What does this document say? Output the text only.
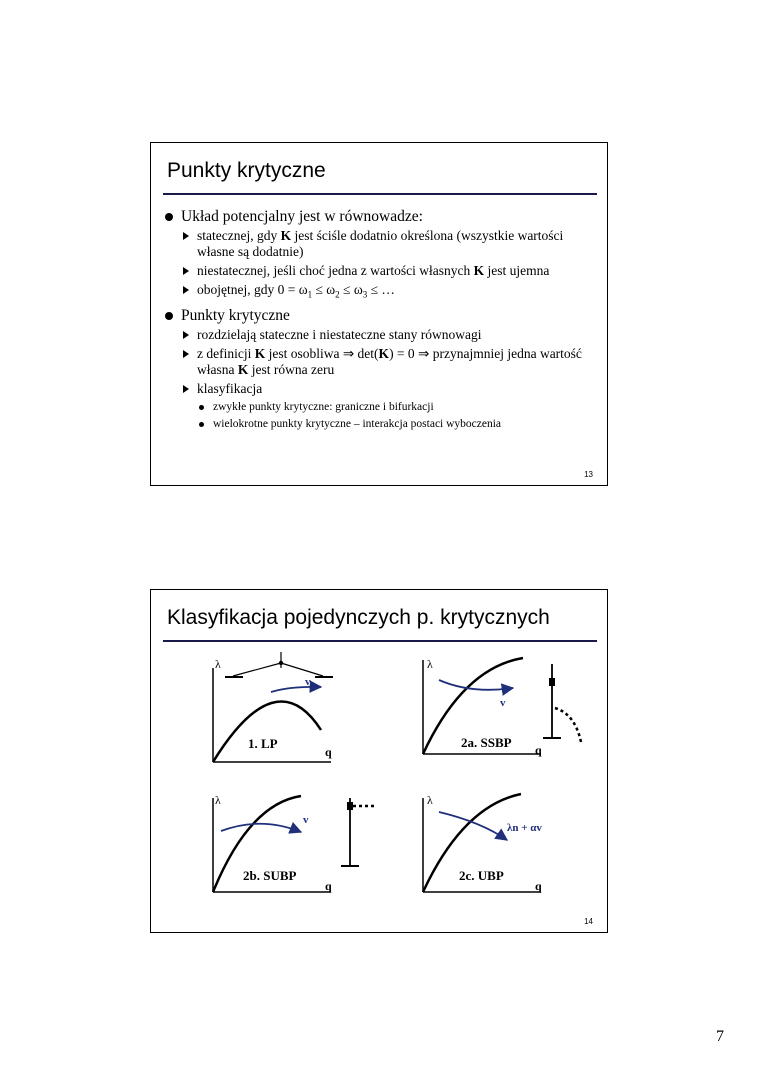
Punkty krytyczne
Układ potencjalny jest w równowadze:
statecznej, gdy K jest ściśle dodatnio określona (wszystkie wartości własne są dodatnie)
niestatecznej, jeśli choć jedna z wartości własnych K jest ujemna
obojętnej, gdy $0 = \omega_1 \le \omega_2 \le \omega_3$ ≤ …
Punkty krytyczne
rozdzielają stateczne i niestateczne stany równowagi
z definicji K jest osobliwa ⇒ det(K) = 0 ⇒ przynajmniej jedna wartość własna K jest równa zeru
klasyfikacja
zwykłe punkty krytyczne: graniczne i bifurkacji
wielokrotne punkty krytyczne – interakcja postaci wyboczenia
13
Klasyfikacja pojedynczych p. krytycznych
λ
q
v
1. LP
λ
q
v
2a. SSBP
λ
q
v
2b. SUBP
λ
q
λn + αv
2c. UBP
14
7
